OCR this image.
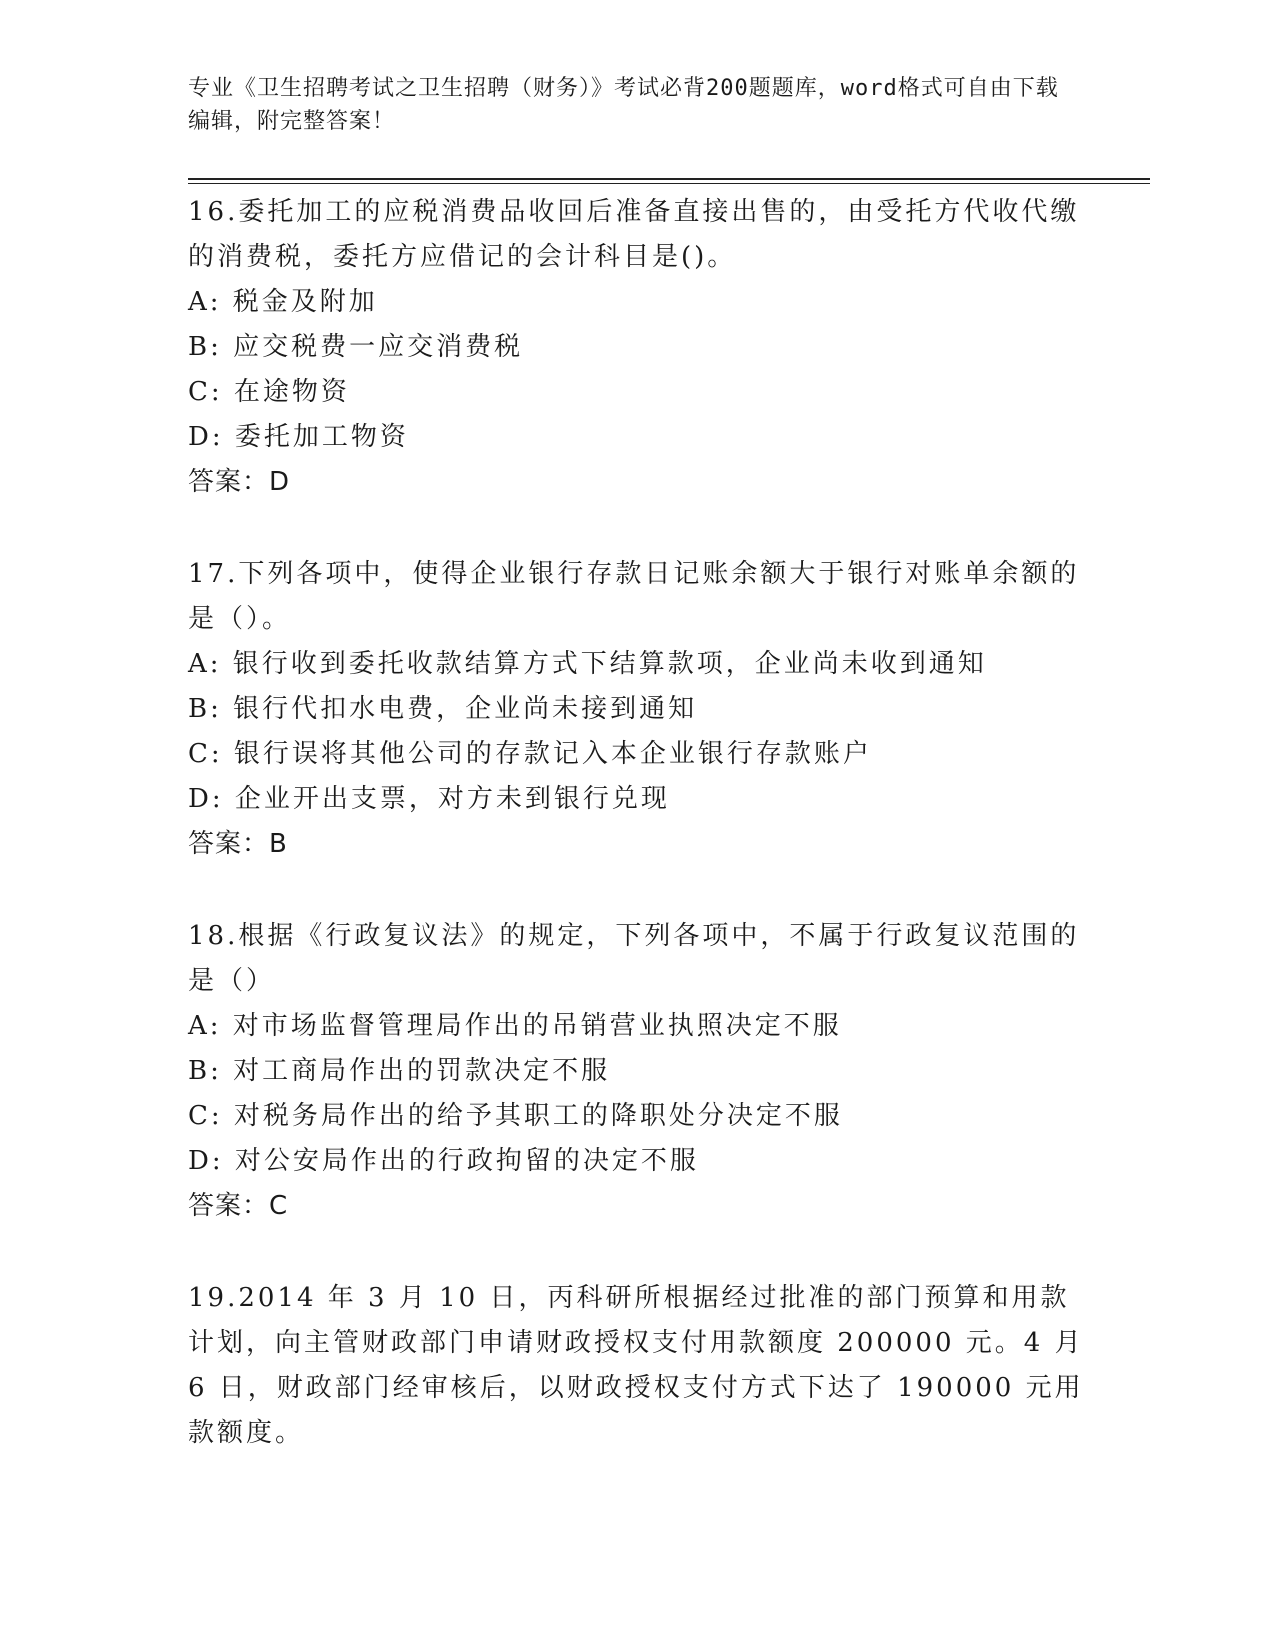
专业《卫生招聘考试之卫生招聘（财务）》考试必背200题题库，word格式可自由下载编辑，附完整答案！

16.委托加工的应税消费品收回后准备直接出售的，由受托方代收代缴的消费税，委托方应借记的会计科目是()。

A: 税金及附加

B: 应交税费一应交消费税

C: 在途物资

D: 委托加工物资

答案：D

17.下列各项中，使得企业银行存款日记账余额大于银行对账单余额的是（）。

A: 银行收到委托收款结算方式下结算款项，企业尚未收到通知

B: 银行代扣水电费，企业尚未接到通知

C: 银行误将其他公司的存款记入本企业银行存款账户

D: 企业开出支票，对方未到银行兑现

答案：B

18.根据《行政复议法》的规定，下列各项中，不属于行政复议范围的是（）

A: 对市场监督管理局作出的吊销营业执照决定不服

B: 对工商局作出的罚款决定不服

C: 对税务局作出的给予其职工的降职处分决定不服

D: 对公安局作出的行政拘留的决定不服

答案：C

19.2014 年 3 月 10 日，丙科研所根据经过批准的部门预算和用款计划，向主管财政部门申请财政授权支付用款额度 200000 元。4 月 6 日，财政部门经审核后，以财政授权支付方式下达了 190000 元用款额度。
